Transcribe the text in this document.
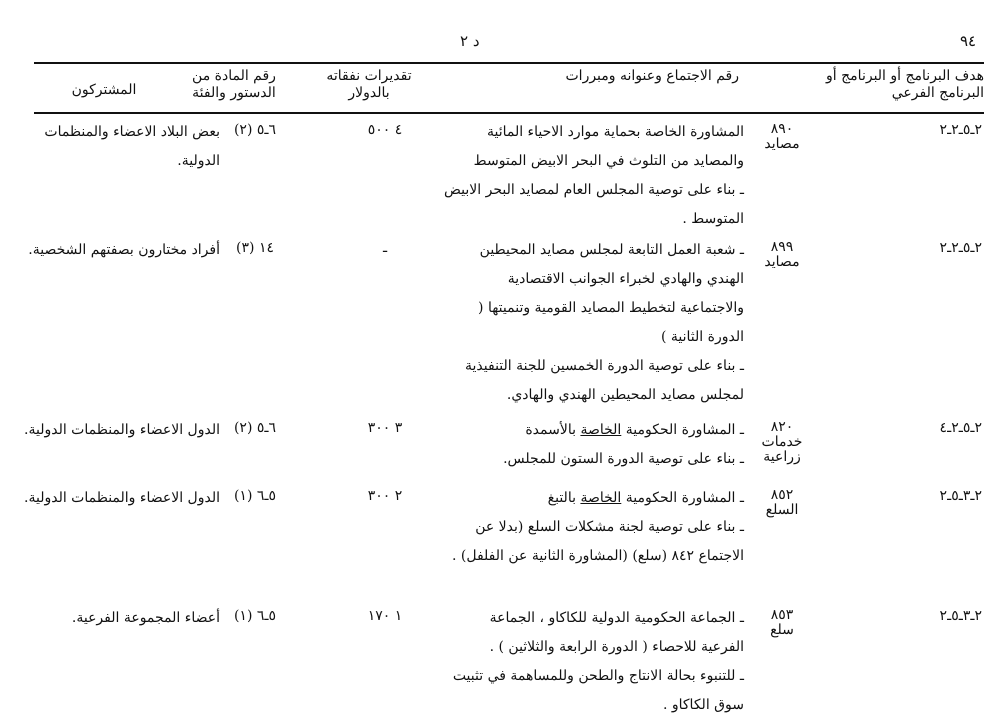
٩٤
د ٢
هدف البرنامج أو البرنامج أو البرنامج الفرعي
رقم الاجتماع وعنوانه ومبررات
تقديرات نفقاته بالدولار
رقم المادة من الدستور والفئة
المشتركون
٢ـ٥ـ٢ـ٢
٨٩٠
مصايد

المشاورة الخاصة بحماية موارد الاحياء المائية والمصايد من التلوث في البحر الابيض المتوسط

ـ بناء على توصية المجلس العام لمصايد البحر الابيض المتوسط .

٤ ٥٠٠
٦ـ٥ (٢)
بعض البلاد الاعضاء والمنظمات الدولية.
٢ـ٥ـ٢ـ٢
٨٩٩
مصايد

ـ شعبة العمل التابعة لمجلس مصايد المحيطين الهندي والهادي لخبراء الجوانب الاقتصادية والاجتماعية لتخطيط المصايد القومية وتنميتها ( الدورة الثانية )

ـ بناء على توصية الدورة الخمسين للجنة التنفيذية لمجلس مصايد المحيطين الهندي والهادي.

ـ
١٤ (٣)
أفراد مختارون بصفتهم الشخصية.
٢ـ٥ـ٢ـ٤
٨٢٠
خدمات زراعية

ـ المشاورة الحكومية الخاصة بالأسمدة

ـ بناء على توصية الدورة الستون للمجلس.

٣ ٣٠٠
٦ـ٥ (٢)
الدول الاعضاء والمنظمات الدولية.
٢ـ٣ـ٥ـ٢
٨٥٢
السلع

ـ المشاورة الحكومية الخاصة بالتبغ

ـ بناء على توصية لجنة مشكلات السلع (بدلا عن الاجتماع ٨٤٢ (سلع) (المشاورة الثانية عن الفلفل) .

٢ ٣٠٠
٥ـ٦ (١)
الدول الاعضاء والمنظمات الدولية.
٢ـ٣ـ٥ـ٢
٨٥٣
سلع

ـ الجماعة الحكومية الدولية للكاكاو ، الجماعة الفرعية للاحصاء ( الدورة الرابعة والثلاثين ) .

ـ للتنبوء بحالة الانتاج والطحن وللمساهمة في تثبيت سوق الكاكاو .

١ ١٧٠
٥ـ٦ (١)
أعضاء المجموعة الفرعية.
